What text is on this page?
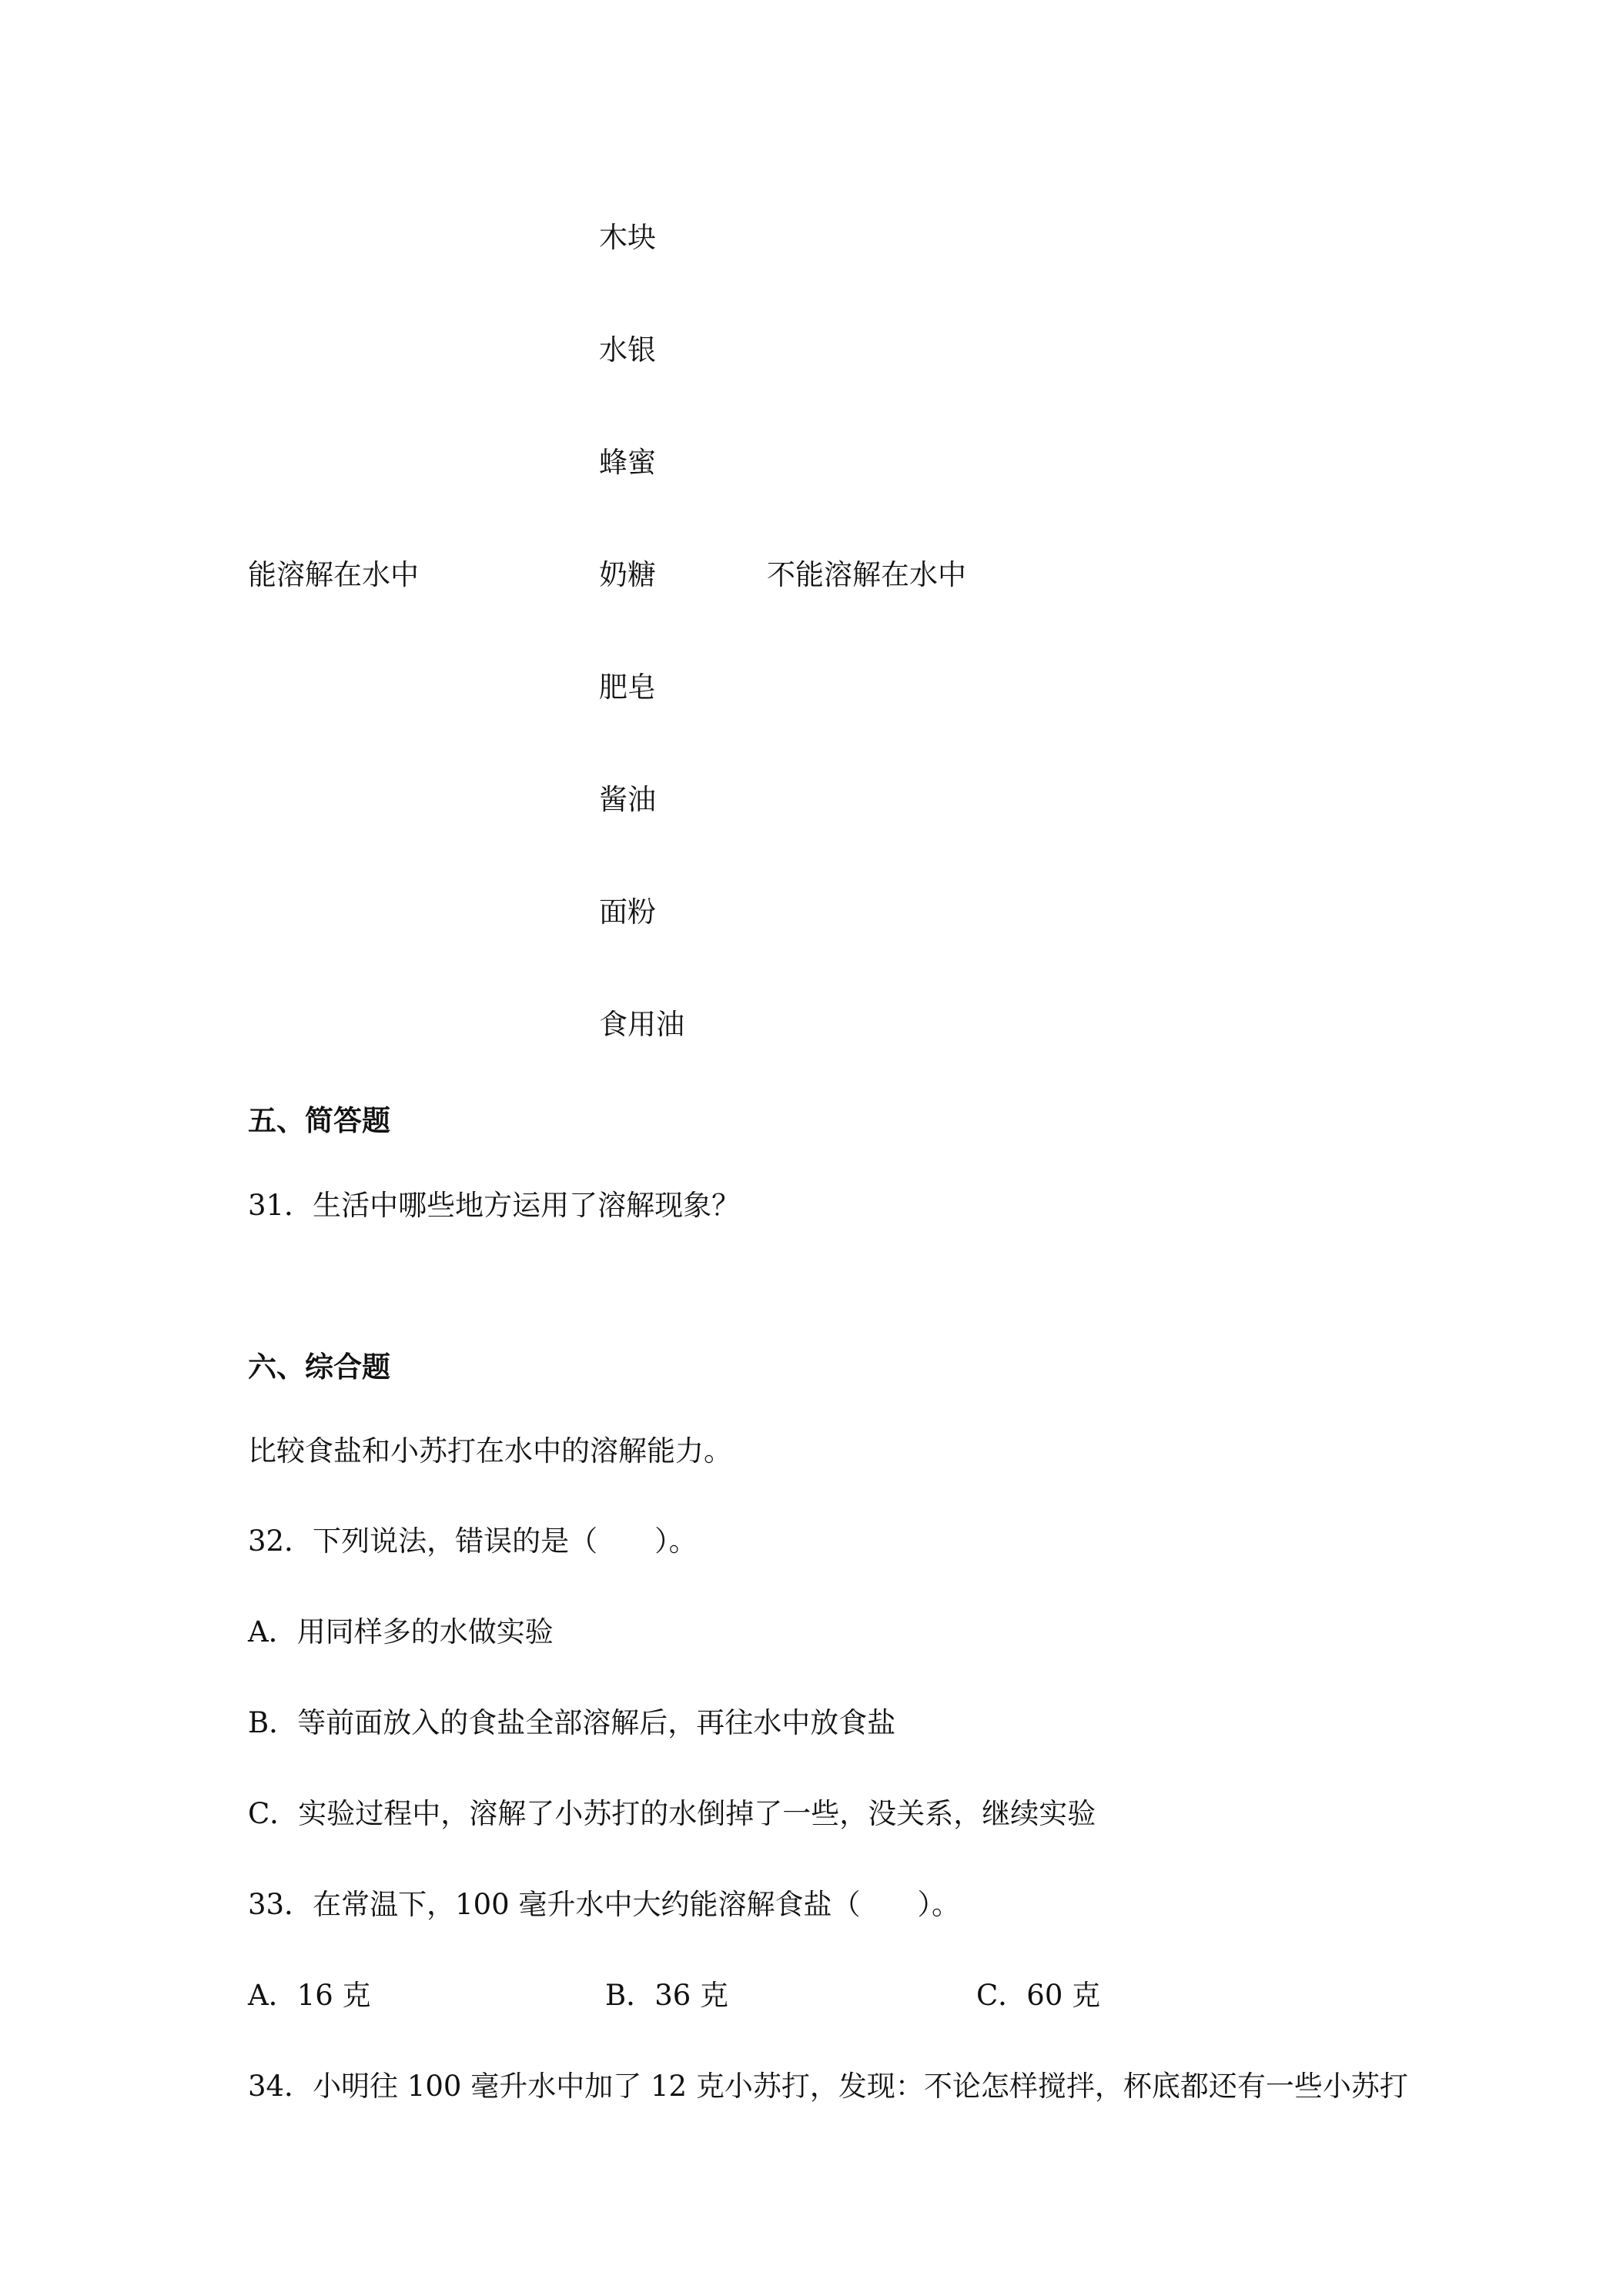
木块

水银

蜂蜜

能溶解在水中	奶糖	不能溶解在水中

肥皂

酱油

面粉

食用油

五、简答题

31．生活中哪些地方运用了溶解现象？

六、综合题

比较食盐和小苏打在水中的溶解能力。

32．下列说法，错误的是（　　）。

A．用同样多的水做实验

B．等前面放入的食盐全部溶解后，再往水中放食盐

C．实验过程中，溶解了小苏打的水倒掉了一些，没关系，继续实验

33．在常温下，100 毫升水中大约能溶解食盐（　　）。

A．16 克	B．36 克	C．60 克

34．小明往 100 毫升水中加了 12 克小苏打，发现：不论怎样搅拌，杯底都还有一些小苏打
